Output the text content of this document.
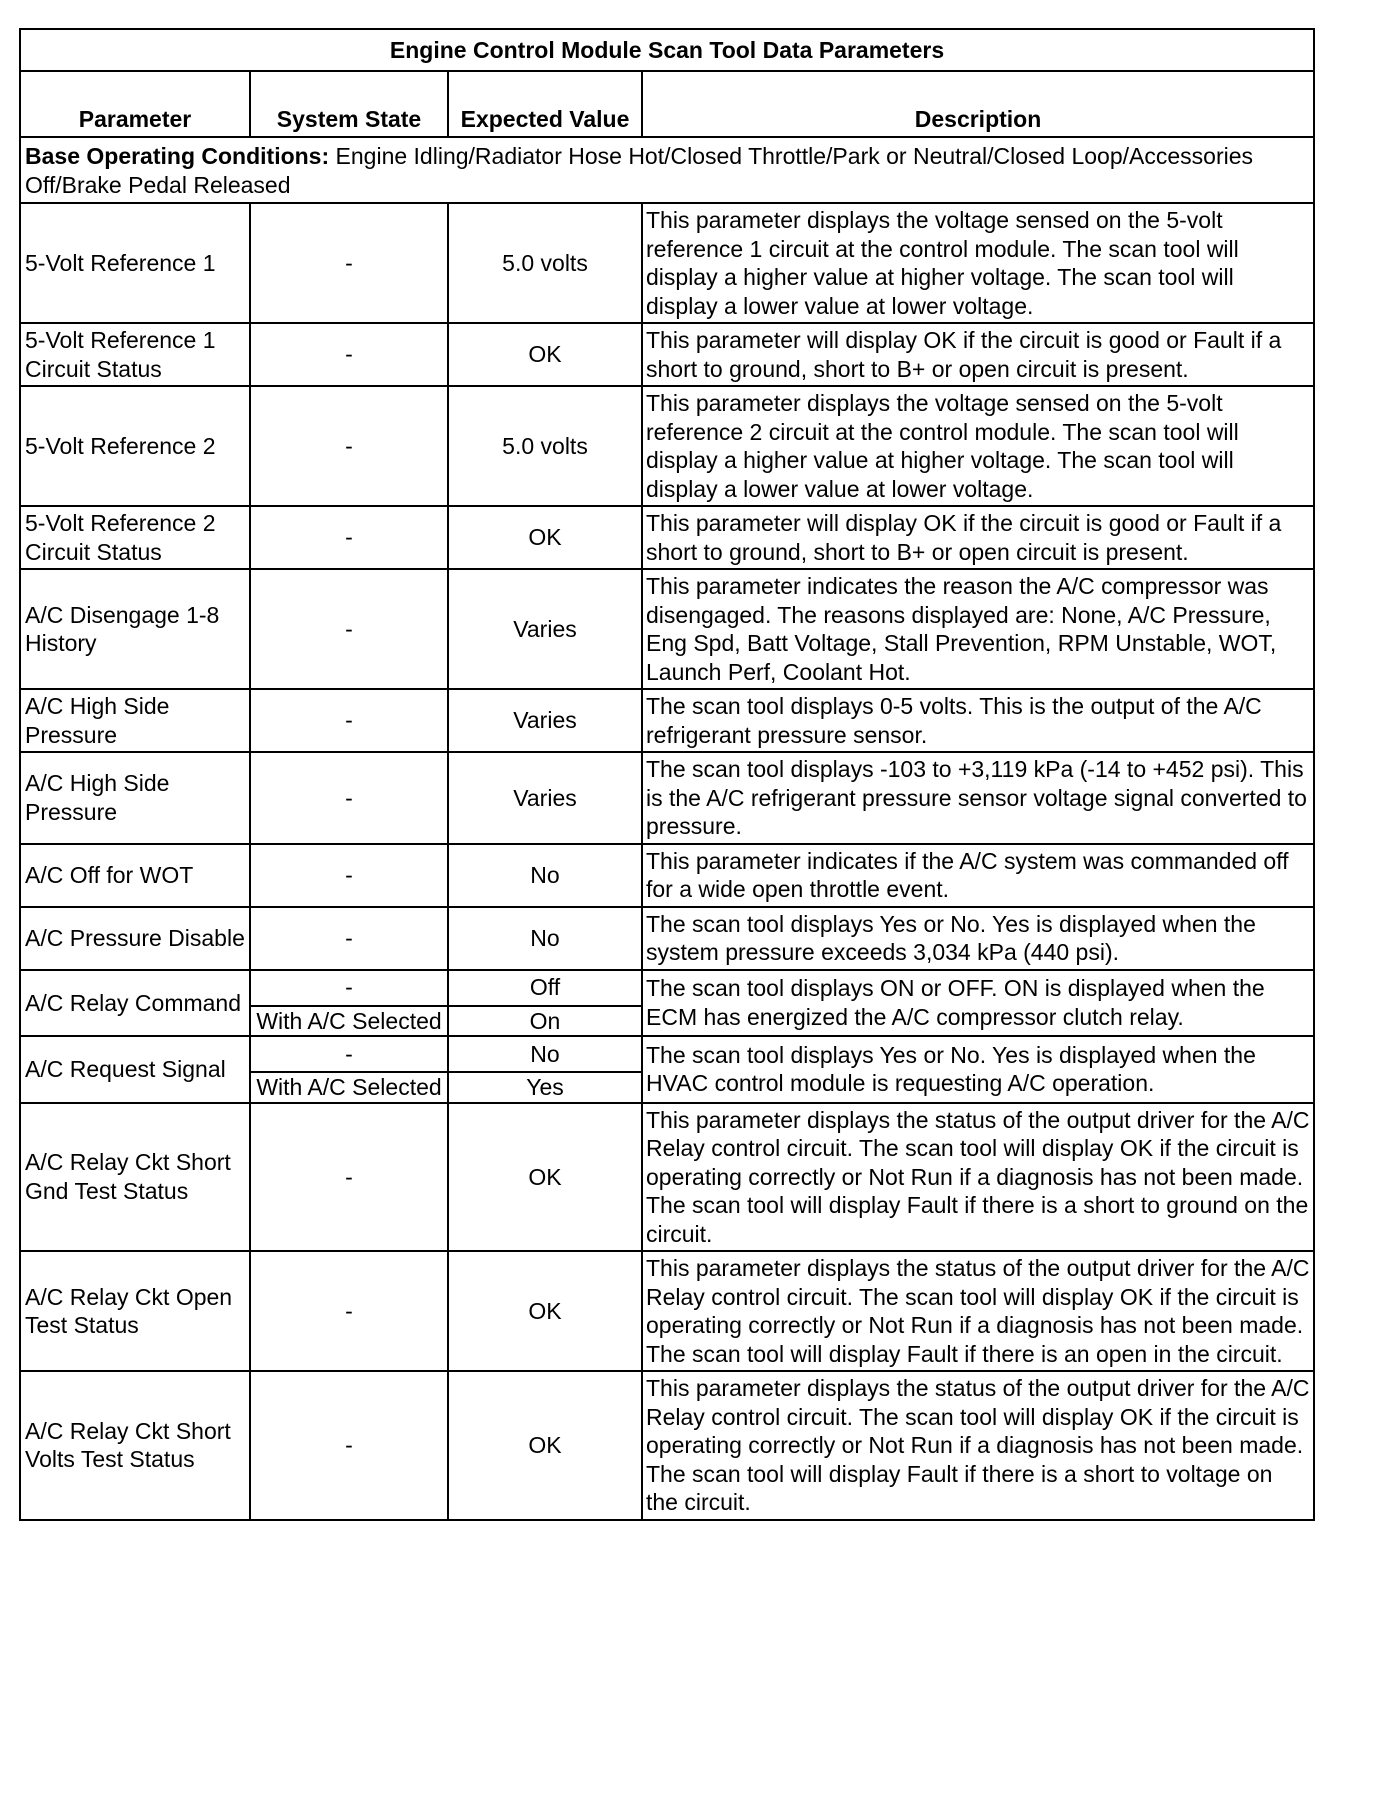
Engine Control Module Scan Tool Data Parameters			
Parameter	System State	Expected Value	Description
Base Operating Conditions: Engine Idling/Radiator Hose Hot/Closed Throttle/Park or Neutral/Closed Loop/Accessories Off/Brake Pedal Released			
5-Volt Reference 1	-	5.0 volts	This parameter displays the voltage sensed on the 5-volt reference 1 circuit at the control module. The scan tool will display a higher value at higher voltage. The scan tool will display a lower value at lower voltage.
5-Volt Reference 1 Circuit Status	-	OK	This parameter will display OK if the circuit is good or Fault if a short to ground, short to B+ or open circuit is present.
5-Volt Reference 2	-	5.0 volts	This parameter displays the voltage sensed on the 5-volt reference 2 circuit at the control module. The scan tool will display a higher value at higher voltage. The scan tool will display a lower value at lower voltage.
5-Volt Reference 2 Circuit Status	-	OK	This parameter will display OK if the circuit is good or Fault if a short to ground, short to B+ or open circuit is present.
A/C Disengage 1-8 History	-	Varies	This parameter indicates the reason the A/C compressor was disengaged. The reasons displayed are: None, A/C Pressure, Eng Spd, Batt Voltage, Stall Prevention, RPM Unstable, WOT, Launch Perf, Coolant Hot.
A/C High Side Pressure	-	Varies	The scan tool displays 0-5 volts. This is the output of the A/C refrigerant pressure sensor.
A/C High Side Pressure	-	Varies	The scan tool displays -103 to +3,119 kPa (-14 to +452 psi). This is the A/C refrigerant pressure sensor voltage signal converted to pressure.
A/C Off for WOT	-	No	This parameter indicates if the A/C system was commanded off for a wide open throttle event.
A/C Pressure Disable	-	No	The scan tool displays Yes or No. Yes is displayed when the system pressure exceeds 3,034 kPa (440 psi).
A/C Relay Command	-	Off	The scan tool displays ON or OFF. ON is displayed when the ECM has energized the A/C compressor clutch relay.
	With A/C Selected	On	
A/C Request Signal	-	No	The scan tool displays Yes or No. Yes is displayed when the HVAC control module is requesting A/C operation.
	With A/C Selected	Yes	
A/C Relay Ckt Short Gnd Test Status	-	OK	This parameter displays the status of the output driver for the A/C Relay control circuit. The scan tool will display OK if the circuit is operating correctly or Not Run if a diagnosis has not been made. The scan tool will display Fault if there is a short to ground on the circuit.
A/C Relay Ckt Open Test Status	-	OK	This parameter displays the status of the output driver for the A/C Relay control circuit. The scan tool will display OK if the circuit is operating correctly or Not Run if a diagnosis has not been made. The scan tool will display Fault if there is an open in the circuit.
A/C Relay Ckt Short Volts Test Status	-	OK	This parameter displays the status of the output driver for the A/C Relay control circuit. The scan tool will display OK if the circuit is operating correctly or Not Run if a diagnosis has not been made. The scan tool will display Fault if there is a short to voltage on the circuit.
